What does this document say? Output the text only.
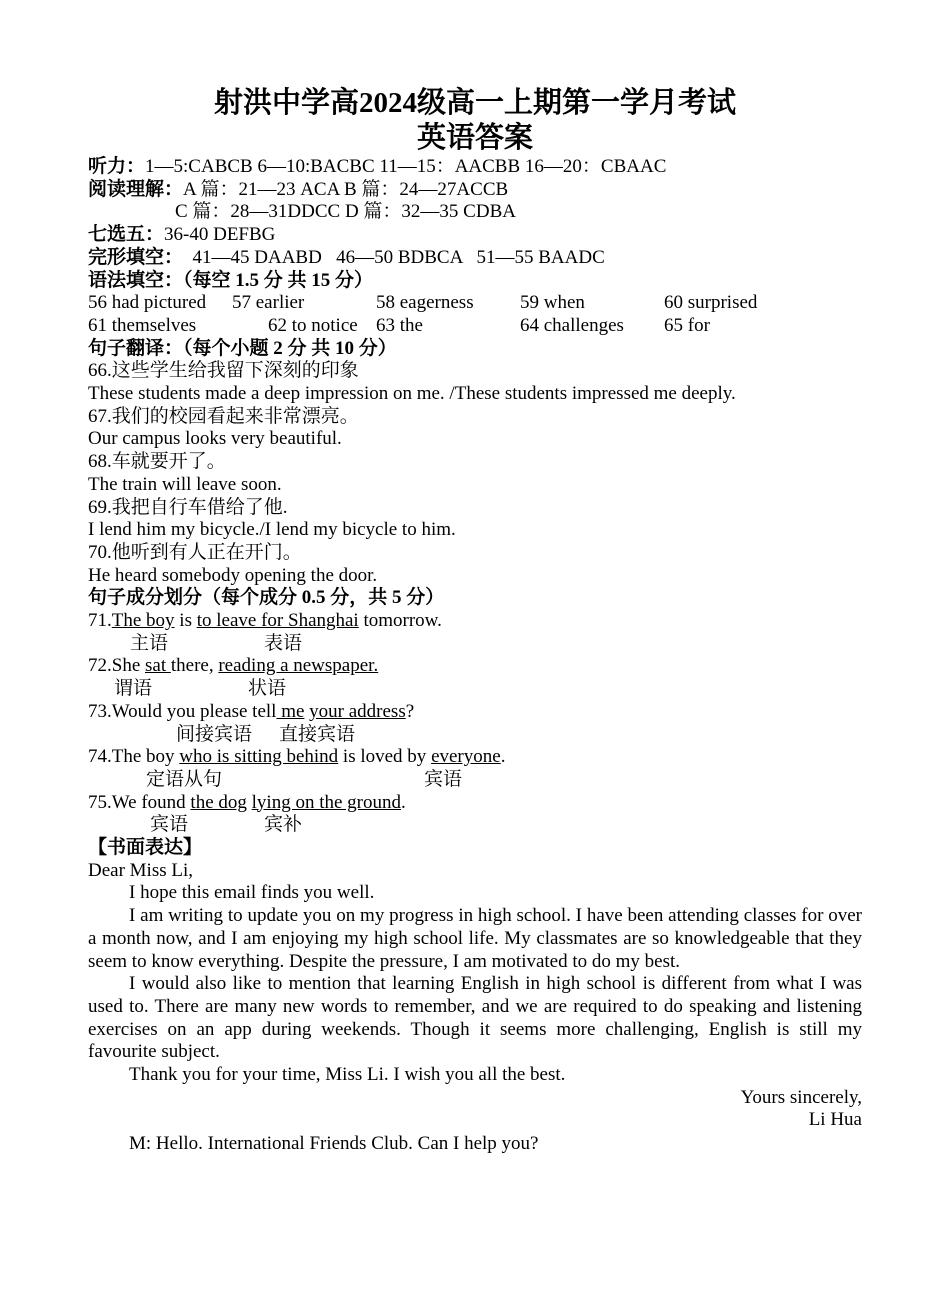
射洪中学高2024级高一上期第一学月考试
英语答案
听力：1—5:CABCB 6—10:BACBC 11—15：AACBB 16—20：CBAAC
阅读理解：A 篇：21—23 ACA B 篇：24—27ACCB
C 篇：28—31DDCC D 篇：32—35 CDBA
七选五：36-40 DEFBG
完形填空：  41—45 DAABD   46—50 BDBCA   51—55 BAADC
语法填空：（每空 1.5 分 共 15 分）
56 had pictured	57 earlier	58 eagerness	59 when	60 surprised
61 themselves	62 to notice 63 the	64 challenges	65 for
句子翻译：（每个小题 2 分 共 10 分）
66.这些学生给我留下深刻的印象
These students made a deep impression on me. /These students impressed me deeply.
67.我们的校园看起来非常漂亮。
Our campus looks very beautiful.
68.车就要开了。
The train will leave soon.
69.我把自行车借给了他.
I lend him my bicycle./I lend my bicycle to him.
70.他听到有人正在开门。
He heard somebody opening the door.
句子成分划分（每个成分 0.5 分，共 5 分）
71.The boy is to leave for Shanghai tomorrow.
主语	表语
72.She sat there, reading a newspaper.
谓语	状语
73.Would you please tell me your address?
间接宾语 直接宾语
74.The boy who is sitting behind is loved by everyone.
定语从句	宾语
75.We found the dog lying on the ground.
宾语	宾补
【书面表达】
Dear Miss Li,
I hope this email finds you well.
I am writing to update you on my progress in high school. I have been attending classes for over a month now, and I am enjoying my high school life. My classmates are so knowledgeable that they seem to know everything. Despite the pressure, I am motivated to do my best.
I would also like to mention that learning English in high school is different from what I was used to. There are many new words to remember, and we are required to do speaking and listening exercises on an app during weekends. Though it seems more challenging, English is still my favourite subject.
Thank you for your time, Miss Li. I wish you all the best.
Yours sincerely,
Li Hua
M: Hello. International Friends Club. Can I help you?
